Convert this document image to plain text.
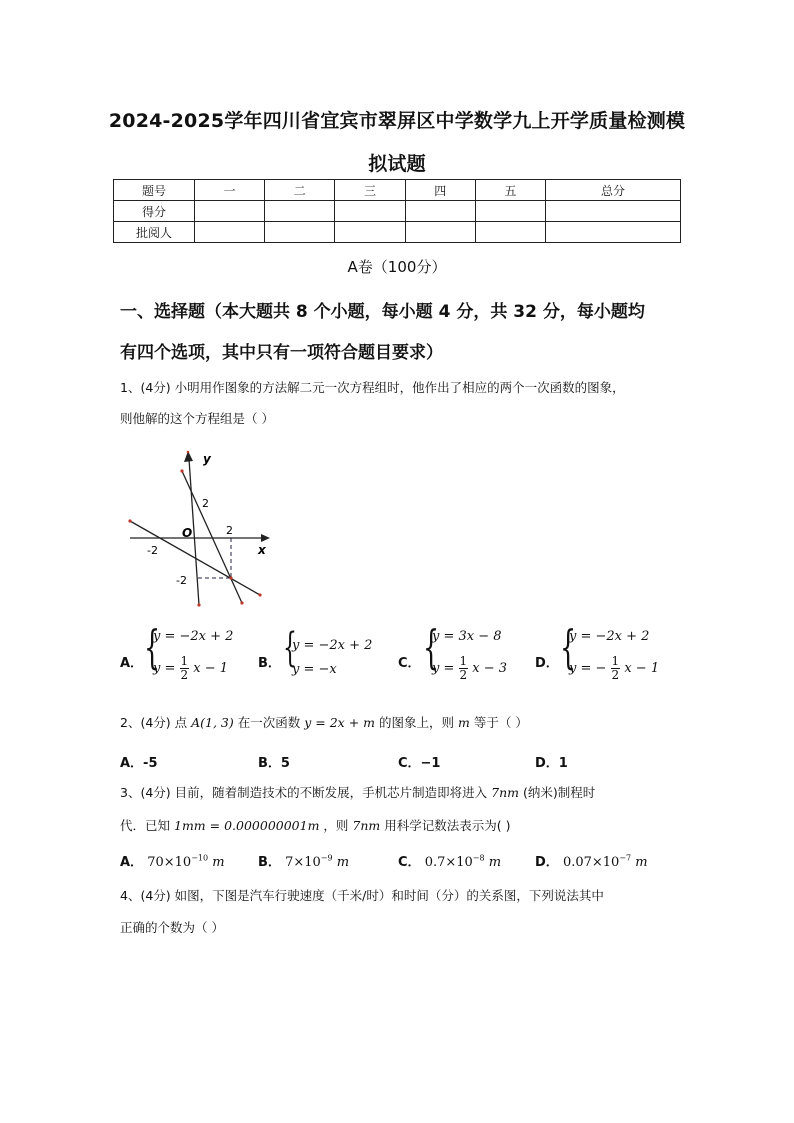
2024-2025学年四川省宜宾市翠屏区中学数学九上开学质量检测模
拟试题
题号	一	二	三	四	五	总分
得分						
批阅人						
A卷（100分）
一、选择题（本大题共 8 个小题，每小题 4 分，共 32 分，每小题均
有四个选项，其中只有一项符合题目要求）
1、(4分) 小明用作图象的方法解二元一次方程组时，他作出了相应的两个一次函数的图象，
则他解的这个方程组是（ ）
y
x
O
2
2
-2
-2
A． {
y = −2x + 2
$y = \frac{1}{2}$ x − 1 B． {
y = −2x + 2
y = −x	C． {
y = 3x − 8
$y = \frac{1}{2}$ x − 3 D． {
y = −2x + 2
y = − $\frac{1}{2}$ x − 1
2、(4分) 点 A(1, 3) 在一次函数 y = 2x + m 的图象上，则 m 等于（ ）
A．-5	B．5	C．−1	D．1
3、(4分) 目前，随着制造技术的不断发展，手机芯片制造即将进入 7nm (纳米)制程时
代．已知 1mm = 0.000000001m ，则 7nm 用科学记数法表示为( )
A． $70\times 10^{-10}$ m	B． $7\times 10^{-9}$ m	C． $0.7\times 10^{-8}$ m	D． $0.07\times 10^{-7}$ m
4、(4分) 如图，下图是汽车行驶速度（千米/时）和时间（分）的关系图，下列说法其中
正确的个数为（ ）
